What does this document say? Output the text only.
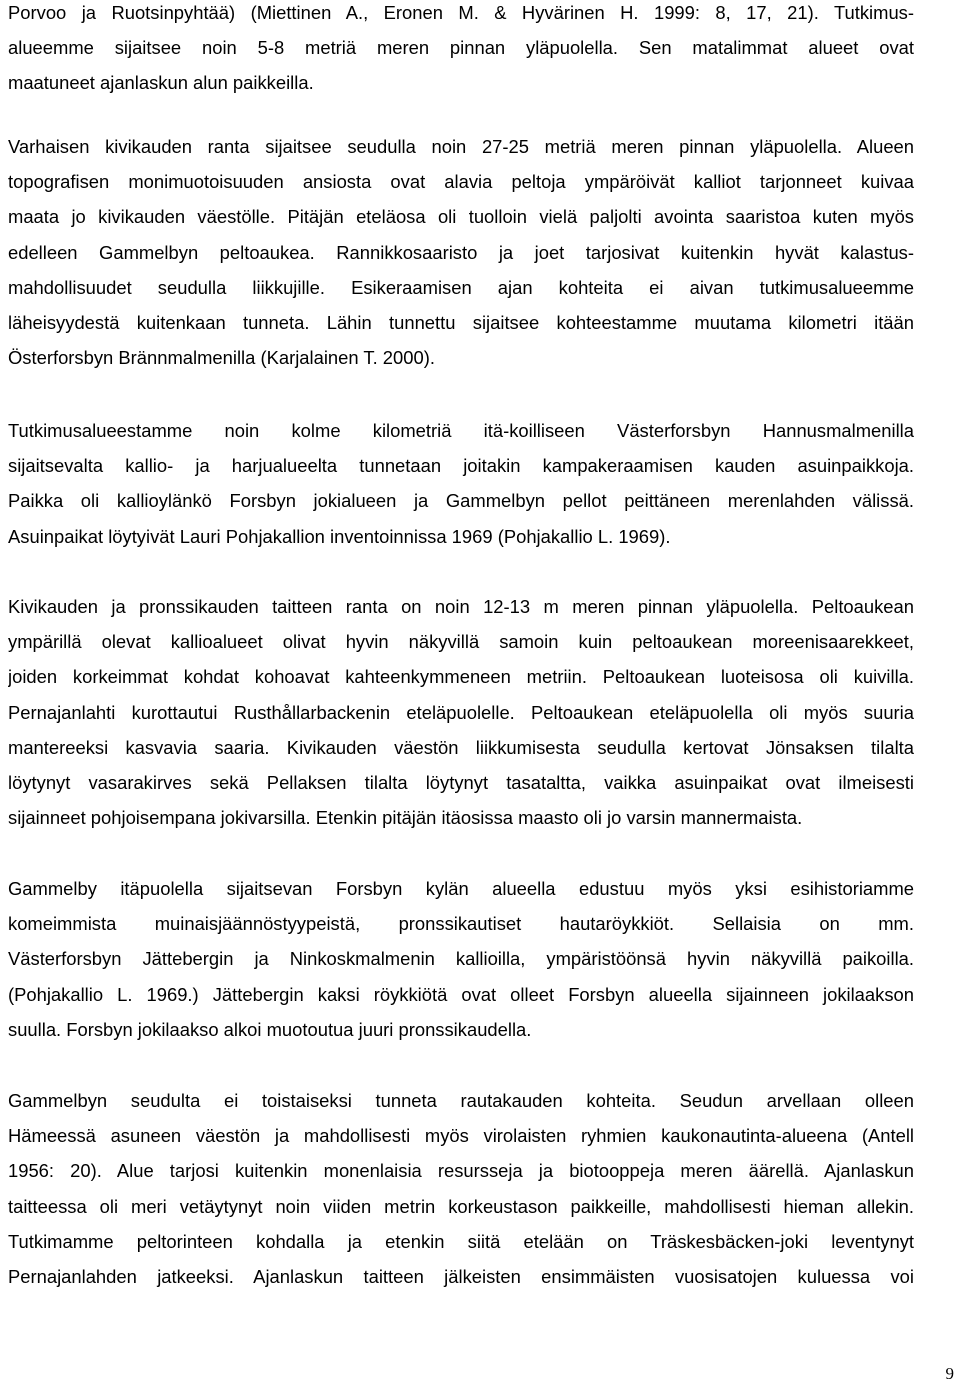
Porvoo ja Ruotsinpyhtää) (Miettinen A., Eronen M. & Hyvärinen H. 1999: 8, 17, 21). Tutkimus-
alueemme sijaitsee noin 5-8 metriä meren pinnan yläpuolella. Sen matalimmat alueet ovat
maatuneet ajanlaskun alun paikkeilla.
Varhaisen kivikauden ranta sijaitsee seudulla noin 27-25 metriä meren pinnan yläpuolella. Alueen
topografisen monimuotoisuuden ansiosta ovat alavia peltoja ympäröivät kalliot tarjonneet kuivaa
maata jo kivikauden väestölle. Pitäjän eteläosa oli tuolloin vielä paljolti avointa saaristoa kuten myös
edelleen Gammelbyn peltoaukea. Rannikkosaaristo ja joet tarjosivat kuitenkin hyvät kalastus-
mahdollisuudet seudulla liikkujille. Esikeraamisen ajan kohteita ei aivan tutkimusalueemme
läheisyydestä kuitenkaan tunneta. Lähin tunnettu sijaitsee kohteestamme muutama kilometri itään
Österforsbyn Brännmalmenilla (Karjalainen T. 2000).
Tutkimusalueestamme noin kolme kilometriä itä-koilliseen Västerforsbyn Hannusmalmenilla
sijaitsevalta kallio- ja harjualueelta tunnetaan joitakin kampakeraamisen kauden asuinpaikkoja.
Paikka oli kallioylänkö Forsbyn jokialueen ja Gammelbyn pellot peittäneen merenlahden välissä.
Asuinpaikat löytyivät Lauri Pohjakallion inventoinnissa 1969 (Pohjakallio L. 1969).
Kivikauden ja pronssikauden taitteen ranta on noin 12-13 m meren pinnan yläpuolella. Peltoaukean
ympärillä olevat kallioalueet olivat hyvin näkyvillä samoin kuin peltoaukean moreenisaarekkeet,
joiden korkeimmat kohdat kohoavat kahteenkymmeneen metriin. Peltoaukean luoteisosa oli kuivilla.
Pernajanlahti kurottautui Rusthållarbackenin eteläpuolelle. Peltoaukean eteläpuolella oli myös suuria
mantereeksi kasvavia saaria. Kivikauden väestön liikkumisesta seudulla kertovat Jönsaksen tilalta
löytynyt vasarakirves sekä Pellaksen tilalta löytynyt tasataltta, vaikka asuinpaikat ovat ilmeisesti
sijainneet pohjoisempana jokivarsilla. Etenkin pitäjän itäosissa maasto oli jo varsin mannermaista.
Gammelby itäpuolella sijaitsevan Forsbyn kylän alueella edustuu myös yksi esihistoriamme
komeimmista muinaisjäännöstyypeistä, pronssikautiset hautaröykkiöt. Sellaisia on mm.
Västerforsbyn Jättebergin ja Ninkoskmalmenin kallioilla, ympäristöönsä hyvin näkyvillä paikoilla.
(Pohjakallio L. 1969.) Jättebergin kaksi röykkiötä ovat olleet Forsbyn alueella sijainneen jokilaakson
suulla. Forsbyn jokilaakso alkoi muotoutua juuri pronssikaudella.
Gammelbyn seudulta ei toistaiseksi tunneta rautakauden kohteita. Seudun arvellaan olleen
Hämeessä asuneen väestön ja mahdollisesti myös virolaisten ryhmien kaukonautinta-alueena (Antell
1956: 20). Alue tarjosi kuitenkin monenlaisia resursseja ja biotooppeja meren äärellä. Ajanlaskun
taitteessa oli meri vetäytynyt noin viiden metrin korkeustason paikkeille, mahdollisesti hieman allekin.
Tutkimamme peltorinteen kohdalla ja etenkin siitä etelään on Träskesbäcken-joki leventynyt
Pernajanlahden jatkeeksi. Ajanlaskun taitteen jälkeisten ensimmäisten vuosisatojen kuluessa voi
9
